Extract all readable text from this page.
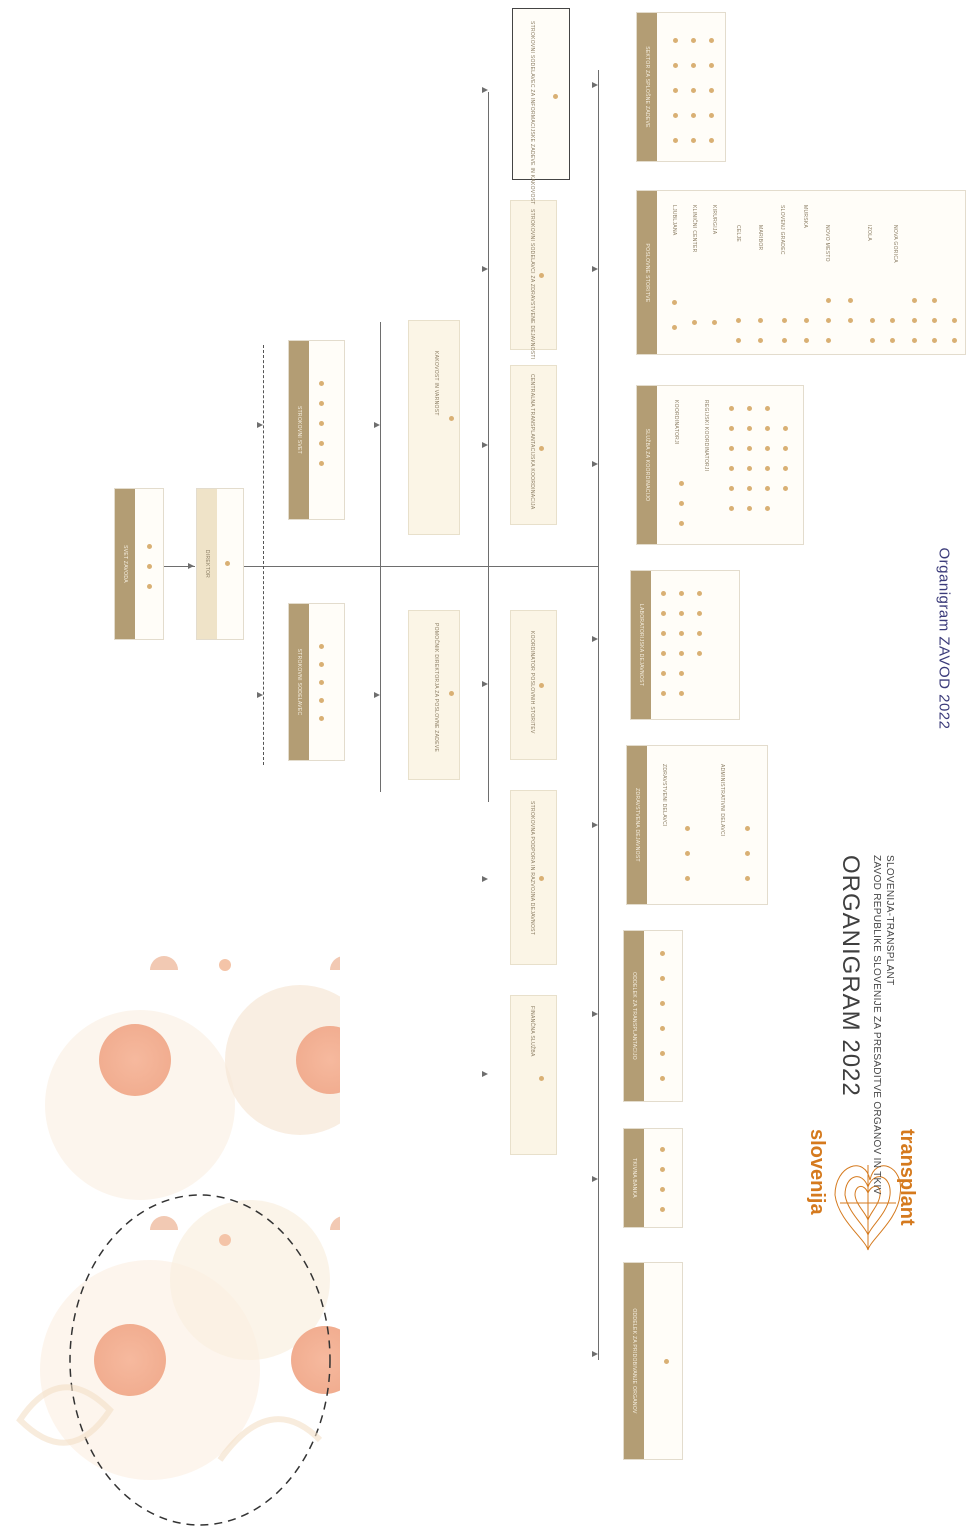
Organigram ZAVOD 2022
SVET ZAVODA	DIREKTOR
STROKOVNI SODELAVEC
STROKOVNI SVET
POMOČNIK DIREKTORJA ZA POSLOVNE ZADEVE
KAKOVOST IN VARNOST
FINANČNA SLUŽBA
STROKOVNA PODPORA IN RAZVOJNA DEJAVNOST
KOORDINATOR POSLOVNIH STORITEV
CENTRALNA TRANSPLANTACIJSKA KOORDINACIJA
STROKOVNI SODELAVCI ZA ZDRAVSTVENE DEJAVNOSTI
STROKOVNI SODELAVEC ZA INFORMACIJSKE ZADEVE IN KAKOVOST
ODDELEK ZA PRIDOBIVANJE ORGANOV
TKIVNA BANKA
ODDELEK ZA TRANSPLANTACIJO
ZDRAVSTVENA DEJAVNOST	ZDRAVSTVENI DELAVCI	ADMINISTRATIVNI DELAVCI
LABORATORIJSKA DEJAVNOST
SLUŽBA ZA KOORDINACIJO
KOORDINATORJI	REGIJSKI KOORDINATORJI
POSLOVNE STORITVE
SEKTOR ZA SPLOŠNE ZADEVE
LJUBLJANA	KLINIČNI CENTER	KIRURGIJA	CELJE	MARIBOR	SLOVENJ GRADEC	MURSKA
NOVO MESTO	IZOLA	NOVA GORICA
slovenija	transplant
ORGANIGRAM 2022 ZAVOD REPUBLIKE SLOVENIJE ZA PRESADITVE ORGANOV IN TKIV SLOVENIJA-TRANSPLANT
